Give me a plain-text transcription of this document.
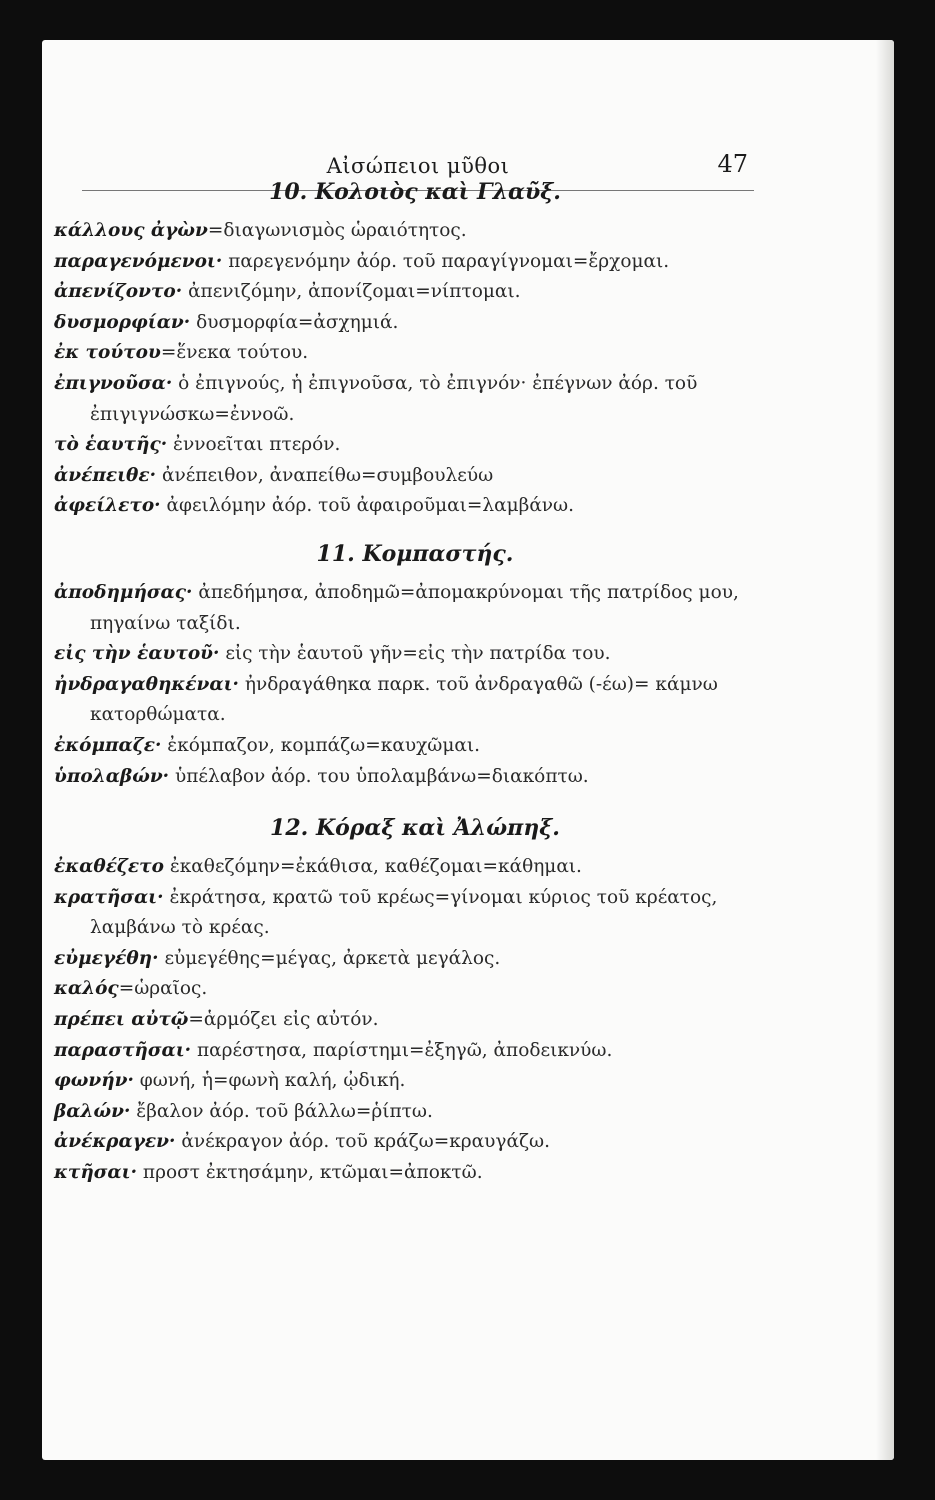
Αἰσώπειοι μῦθοι	47
10. Κολοιὸς καὶ Γλαῦξ.
κάλλους ἀγὼν=διαγωνισμὸς ὡραιότητος.
παραγενόμενοι· παρεγενόμην ἀόρ. τοῦ παραγίγνομαι=ἔρχομαι.
ἀπενίζοντο· ἀπενιζόμην, ἀπονίζομαι=νίπτομαι.
δυσμορφίαν· δυσμορφία=ἀσχημιά.
ἐκ τούτου=ἕνεκα τούτου.
ἐπιγνοῦσα· ὁ ἐπιγνούς, ἡ ἐπιγνοῦσα, τὸ ἐπιγνόν· ἐπέγνων ἀόρ. τοῦ ἐπιγιγνώσκω=ἐννοῶ.
τὸ ἑαυτῆς· ἐννοεῖται πτερόν.
ἀνέπειθε· ἀνέπειθον, ἀναπείθω=συμβουλεύω
ἀφείλετο· ἀφειλόμην ἀόρ. τοῦ ἀφαιροῦμαι=λαμβάνω.
11. Κομπαστής.
ἀποδημήσας· ἀπεδήμησα, ἀποδημῶ=ἀπομακρύνομαι τῆς πατρίδος μου, πηγαίνω ταξίδι.
εἰς τὴν ἑαυτοῦ· εἰς τὴν ἑαυτοῦ γῆν=εἰς τὴν πατρίδα του.
ἠνδραγαθηκέναι· ἠνδραγάθηκα παρκ. τοῦ ἀνδραγαθῶ (-έω)= κάμνω κατορθώματα.
ἐκόμπαζε· ἐκόμπαζον, κομπάζω=καυχῶμαι.
ὑπολαβών· ὑπέλαβον ἀόρ. του ὑπολαμβάνω=διακόπτω.
12. Κόραξ καὶ Ἀλώπηξ.
ἐκαθέζετο ἐκαθεζόμην=ἐκάθισα, καθέζομαι=κάθημαι.
κρατῆσαι· ἐκράτησα, κρατῶ τοῦ κρέως=γίνομαι κύριος τοῦ κρέατος, λαμβάνω τὸ κρέας.
εὐμεγέθη· εὐμεγέθης=μέγας, ἀρκετὰ μεγάλος.
καλός=ὡραῖος.
πρέπει αὐτῷ=ἁρμόζει εἰς αὐτόν.
παραστῆσαι· παρέστησα, παρίστημι=ἐξηγῶ, ἀποδεικνύω.
φωνήν· φωνή, ἡ=φωνὴ καλή, ᾠδική.
βαλών· ἔβαλον ἀόρ. τοῦ βάλλω=ῥίπτω.
ἀνέκραγεν· ἀνέκραγον ἀόρ. τοῦ κράζω=κραυγάζω.
κτῆσαι· προστ ἐκτησάμην, κτῶμαι=ἀποκτῶ.
